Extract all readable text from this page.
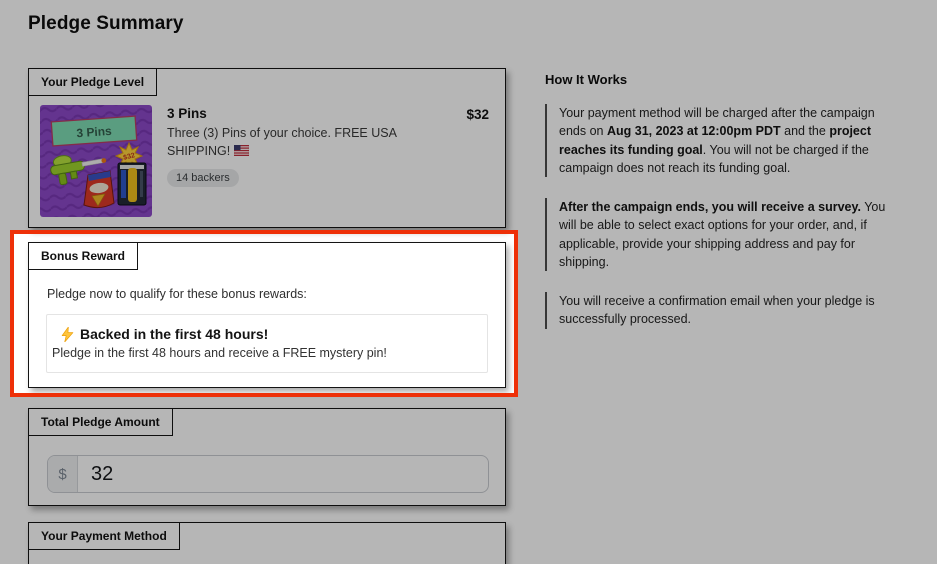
Pledge Summary
Your Pledge Level
3 Pins
$32
3 Pins
Three (3) Pins of your choice. FREE USA SHIPPING!
14 backers
$32
Bonus Reward
Pledge now to qualify for these bonus rewards:
Backed in the first 48 hours!
Pledge in the first 48 hours and receive a FREE mystery pin!
Total Pledge Amount
$
32
Your Payment Method
How It Works

Your payment method will be charged after the campaign ends on Aug 31, 2023 at 12:00pm PDT and the project reaches its funding goal. You will not be charged if the campaign does not reach its funding goal.

After the campaign ends, you will receive a survey. You will be able to select exact options for your order, and, if applicable, provide your shipping address and pay for shipping.

You will receive a confirmation email when your pledge is successfully processed.
